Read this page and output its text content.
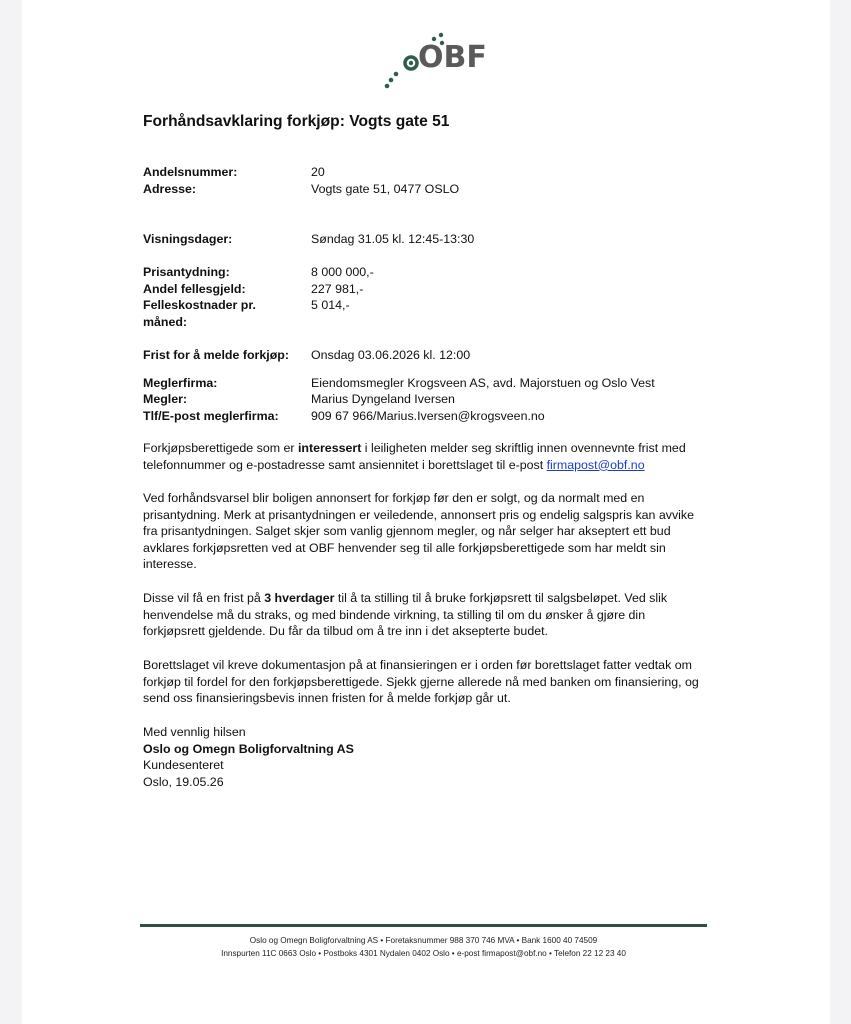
OBF
Forhåndsavklaring forkjøp: Vogts gate 51
Andelsnummer:	20
Adresse:	Vogts gate 51, 0477 OSLO
Visningsdager:	Søndag 31.05 kl. 12:45-13:30
Prisantydning:	8 000 000,-
Andel fellesgjeld:	227 981,-
Felleskostnader pr. måned:
5 014,-
Frist for å melde forkjøp:	Onsdag 03.06.2026 kl. 12:00
Meglerfirma:	Eiendomsmegler Krogsveen AS, avd. Majorstuen og Oslo Vest
Megler:	Marius Dyngeland Iversen
Tlf/E-post meglerfirma:	909 67 966/Marius.Iversen@krogsveen.no

Forkjøpsberettigede som er interessert i leiligheten melder seg skriftlig innen ovennevnte frist med telefonnummer og e-postadresse samt ansiennitet i borettslaget til e-post firmapost@obf.no

Ved forhåndsvarsel blir boligen annonsert for forkjøp før den er solgt, og da normalt med en prisantydning. Merk at prisantydningen er veiledende, annonsert pris og endelig salgspris kan avvike fra prisantydningen. Salget skjer som vanlig gjennom megler, og når selger har akseptert ett bud avklares forkjøpsretten ved at OBF henvender seg til alle forkjøpsberettigede som har meldt sin interesse.

Disse vil få en frist på 3 hverdager til å ta stilling til å bruke forkjøpsrett til salgsbeløpet. Ved slik henvendelse må du straks, og med bindende virkning, ta stilling til om du ønsker å gjøre din forkjøpsrett gjeldende. Du får da tilbud om å tre inn i det aksepterte budet.

Borettslaget vil kreve dokumentasjon på at finansieringen er i orden før borettslaget fatter vedtak om forkjøp til fordel for den forkjøpsberettigede. Sjekk gjerne allerede nå med banken om finansiering, og send oss finansieringsbevis innen fristen for å melde forkjøp går ut.

Med vennlig hilsen
Oslo og Omegn Boligforvaltning AS
Kundesenteret
Oslo, 19.05.26
Oslo og Omegn Boligforvaltning AS • Foretaksnummer 988 370 746 MVA • Bank 1600 40 74509
Innspurten 11C 0663 Oslo • Postboks 4301 Nydalen 0402 Oslo • e-post firmapost@obf.no • Telefon 22 12 23 40
